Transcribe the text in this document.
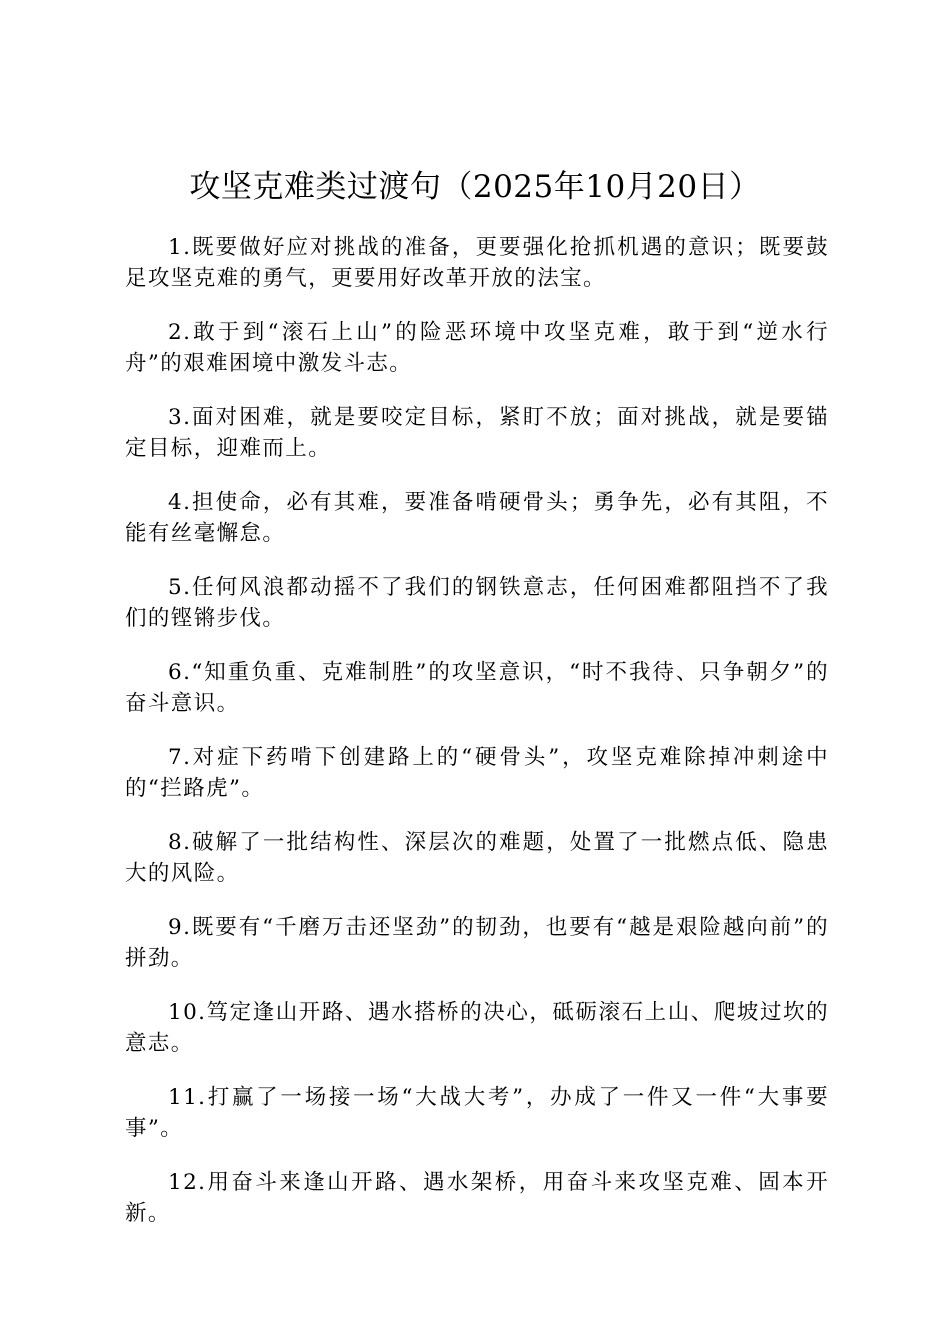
攻坚克难类过渡句（2025年10月20日）

1.既要做好应对挑战的准备，更要强化抢抓机遇的意识；既要鼓足攻坚克难的勇气，更要用好改革开放的法宝。

2.敢于到“滚石上山”的险恶环境中攻坚克难，敢于到“逆水行舟”的艰难困境中激发斗志。

3.面对困难，就是要咬定目标，紧盯不放；面对挑战，就是要锚定目标，迎难而上。

4.担使命，必有其难，要准备啃硬骨头；勇争先，必有其阻，不能有丝毫懈怠。

5.任何风浪都动摇不了我们的钢铁意志，任何困难都阻挡不了我们的铿锵步伐。

6.“知重负重、克难制胜”的攻坚意识，“时不我待、只争朝夕”的奋斗意识。

7.对症下药啃下创建路上的“硬骨头”，攻坚克难除掉冲刺途中的“拦路虎”。

8.破解了一批结构性、深层次的难题，处置了一批燃点低、隐患大的风险。

9.既要有“千磨万击还坚劲”的韧劲，也要有“越是艰险越向前”的拼劲。

10.笃定逢山开路、遇水搭桥的决心，砥砺滚石上山、爬坡过坎的意志。

11.打赢了一场接一场“大战大考”，办成了一件又一件“大事要事”。

12.用奋斗来逢山开路、遇水架桥，用奋斗来攻坚克难、固本开新。
